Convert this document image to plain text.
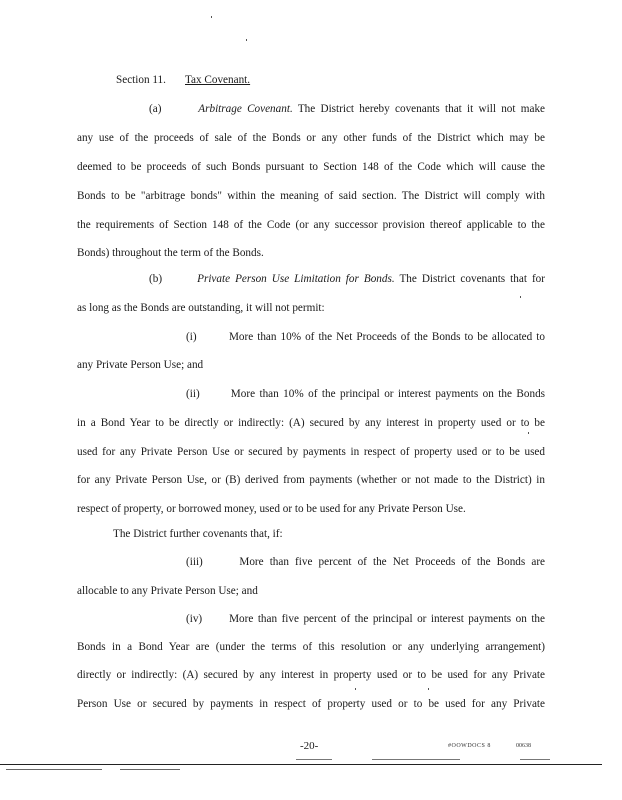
Section 11. Tax Covenant.
(a)	Arbitrage Covenant. The District hereby covenants that it will not make
any use of the proceeds of sale of the Bonds or any other funds of the District which may be
deemed to be proceeds of such Bonds pursuant to Section 148 of the Code which will cause the
Bonds to be "arbitrage bonds" within the meaning of said section. The District will comply with
the requirements of Section 148 of the Code (or any successor provision thereof applicable to the
Bonds) throughout the term of the Bonds.
(b)	Private Person Use Limitation for Bonds. The District covenants that for
as long as the Bonds are outstanding, it will not permit:
(i)	More than 10% of the Net Proceeds of the Bonds to be allocated to
any Private Person Use; and
(ii)	More than 10% of the principal or interest payments on the Bonds
in a Bond Year to be directly or indirectly: (A) secured by any interest in property used or to be
used for any Private Person Use or secured by payments in respect of property used or to be used
for any Private Person Use, or (B) derived from payments (whether or not made to the District) in
respect of property, or borrowed money, used or to be used for any Private Person Use.
The District further covenants that, if:
(iii)	More than five percent of the Net Proceeds of the Bonds are
allocable to any Private Person Use; and
(iv) More than five percent of the principal or interest payments on the
Bonds in a Bond Year are (under the terms of this resolution or any underlying arrangement)
directly or indirectly: (A) secured by any interest in property used or to be used for any Private
Person Use or secured by payments in respect of property used or to be used for any Private
-20-	#OOWDOCS 8	00638
